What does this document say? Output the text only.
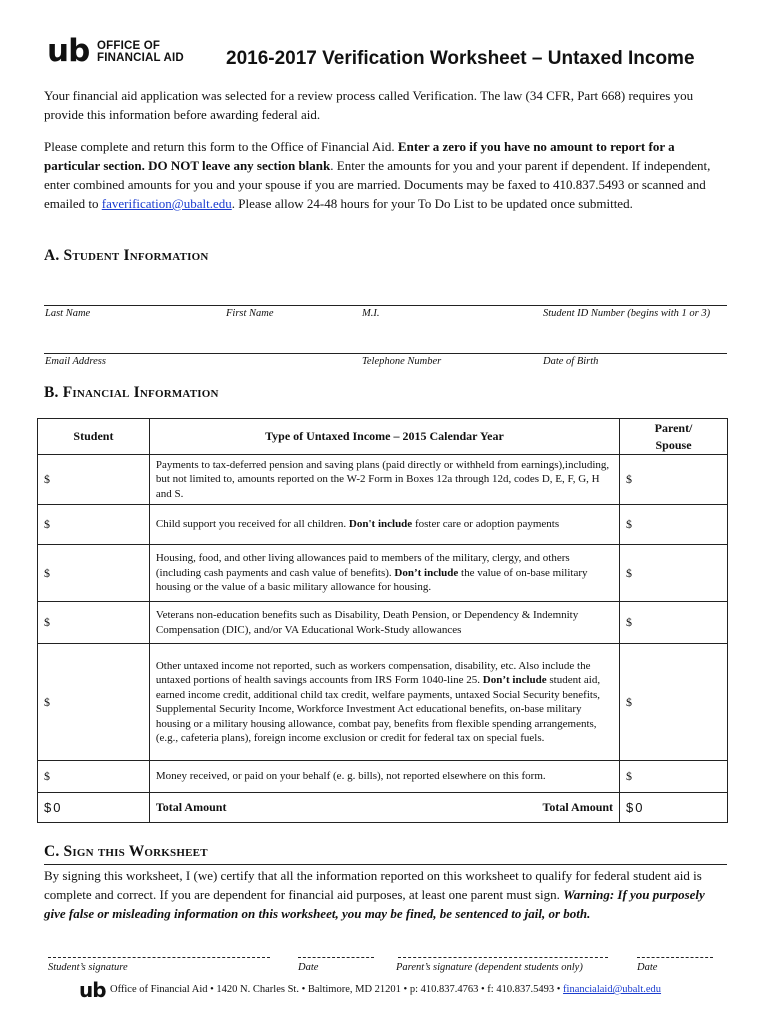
ub OFFICE OF
FINANCIAL AID 2016-2017 Verification Worksheet – Untaxed Income
Your financial aid application was selected for a review process called Verification. The law (34 CFR, Part 668) requires you provide this information before awarding federal aid.
Please complete and return this form to the Office of Financial Aid. Enter a zero if you have no amount to report for a particular section. DO NOT leave any section blank. Enter the amounts for you and your parent if dependent. If independent, enter combined amounts for you and your spouse if you are married. Documents may be faxed to 410.837.5493 or scanned and emailed to faverification@ubalt.edu. Please allow 24-48 hours for your To Do List to be updated once submitted.
A. Student Information
Last Name	First Name	M.I.	Student ID Number (begins with 1 or 3)
Email Address	Telephone Number	Date of Birth
B. Financial Information
Student	Type of Untaxed Income – 2015 Calendar Year	Parent/ Spouse
$	Payments to tax-deferred pension and saving plans (paid directly or withheld from earnings),including, but not limited to, amounts reported on the W-2 Form in Boxes 12a through 12d, codes D, E, F, G, H and S.	$
$	Child support you received for all children. Don't include foster care or adoption payments	$
$	Housing, food, and other living allowances paid to members of the military, clergy, and others (including cash payments and cash value of benefits). Don’t include the value of on-base military housing or the value of a basic military allowance for housing.	$
$	Veterans non-education benefits such as Disability, Death Pension, or Dependency & Indemnity Compensation (DIC), and/or VA Educational Work-Study allowances	$
$	Other untaxed income not reported, such as workers compensation, disability, etc. Also include the untaxed portions of health savings accounts from IRS Form 1040-line 25. Don’t include student aid, earned income credit, additional child tax credit, welfare payments, untaxed Social Security benefits, Supplemental Security Income, Workforce Investment Act educational benefits, on-base military housing or a military housing allowance, combat pay, benefits from flexible spending arrangements, (e.g., cafeteria plans), foreign income exclusion or credit for federal tax on special fuels.	$
$	Money received, or paid on your behalf (e. g. bills), not reported elsewhere on this form.	$
$ 0	Total Amount Total Amount	$ 0
C. Sign this Worksheet
By signing this worksheet, I (we) certify that all the information reported on this worksheet to qualify for federal student aid is complete and correct. If you are dependent for financial aid purposes, at least one parent must sign. Warning: If you purposely give false or misleading information on this worksheet, you may be fined, be sentenced to jail, or both.
Student’s signature	Date	Parent’s signature (dependent students only)	Date
ub Office of Financial Aid • 1420 N. Charles St. • Baltimore, MD 21201 • p: 410.837.4763 • f: 410.837.5493 • financialaid@ubalt.edu
